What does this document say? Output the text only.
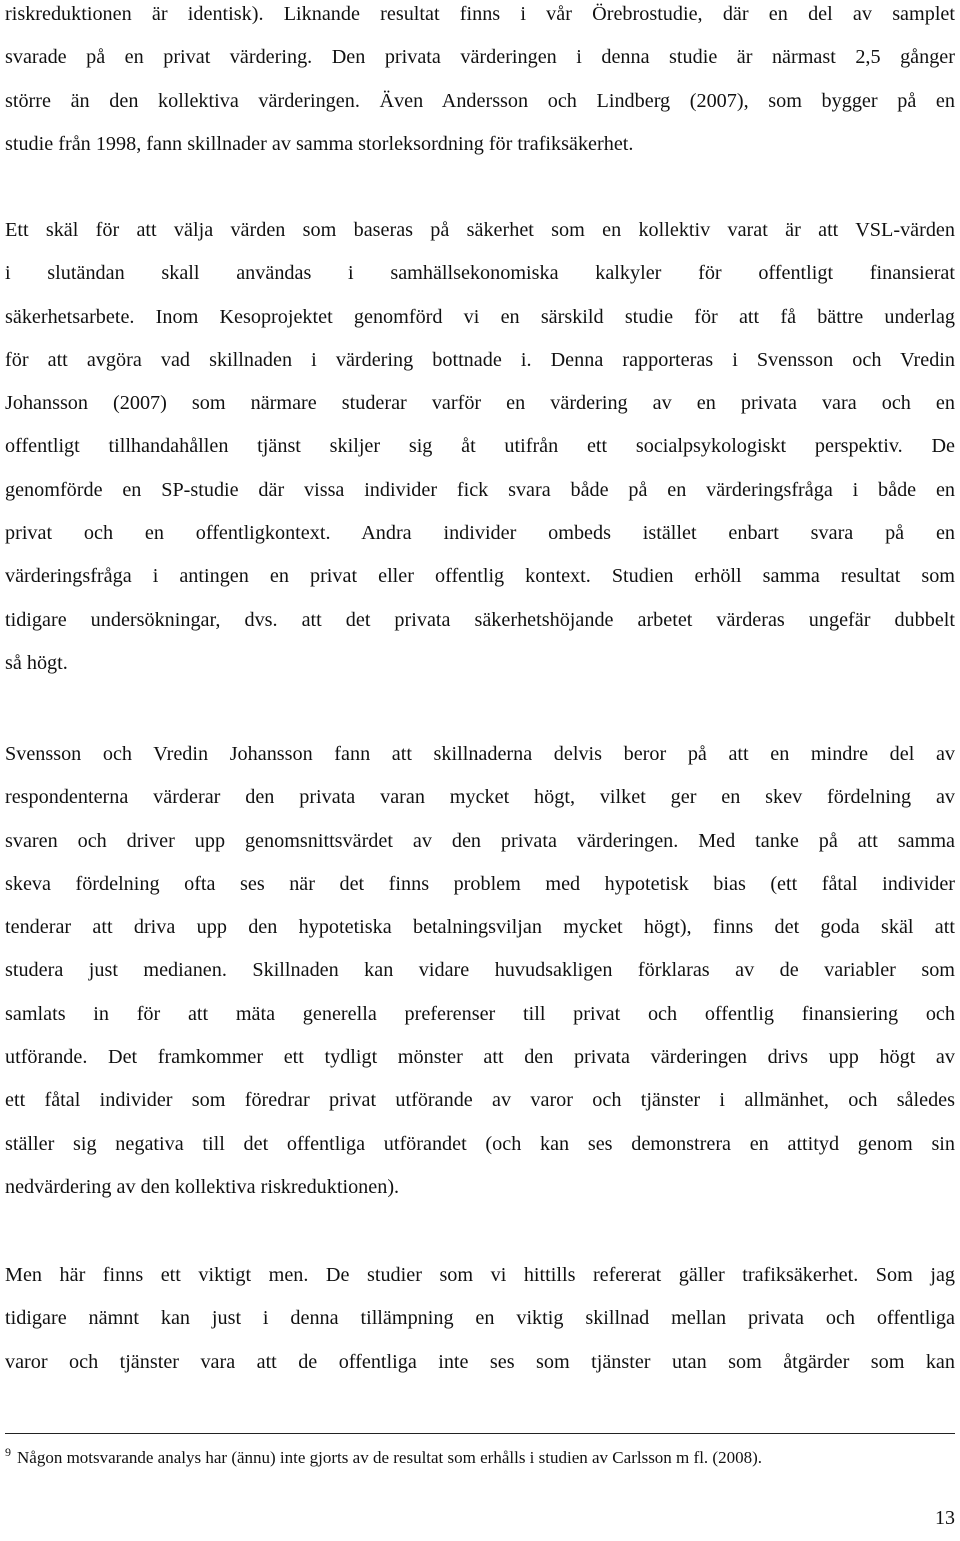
riskreduktionen är identisk). Liknande resultat finns i vår Örebrostudie, där en del av samplet
svarade på en privat värdering. Den privata värderingen i denna studie är närmast 2,5 gånger
större än den kollektiva värderingen. Även Andersson och Lindberg (2007), som bygger på en
studie från 1998, fann skillnader av samma storleksordning för trafiksäkerhet.

Ett skäl för att välja värden som baseras på säkerhet som en kollektiv varat är att VSL-värden
i slutändan skall användas i samhällsekonomiska kalkyler för offentligt finansierat
säkerhetsarbete. Inom Kesoprojektet genomförd vi en särskild studie för att få bättre underlag
för att avgöra vad skillnaden i värdering bottnade i. Denna rapporteras i Svensson och Vredin
Johansson (2007) som närmare studerar varför en värdering av en privata vara och en
offentligt tillhandahållen tjänst skiljer sig åt utifrån ett socialpsykologiskt perspektiv. De
genomförde en SP-studie där vissa individer fick svara både på en värderingsfråga i både en
privat och en offentligkontext. Andra individer ombeds istället enbart svara på en
värderingsfråga i antingen en privat eller offentlig kontext. Studien erhöll samma resultat som
tidigare undersökningar, dvs. att det privata säkerhetshöjande arbetet värderas ungefär dubbelt
så högt.

Svensson och Vredin Johansson fann att skillnaderna delvis beror på att en mindre del av
respondenterna värderar den privata varan mycket högt, vilket ger en skev fördelning av
svaren och driver upp genomsnittsvärdet av den privata värderingen. Med tanke på att samma
skeva fördelning ofta ses när det finns problem med hypotetisk bias (ett fåtal individer
tenderar att driva upp den hypotetiska betalningsviljan mycket högt), finns det goda skäl att
studera just medianen. Skillnaden kan vidare huvudsakligen förklaras av de variabler som
samlats in för att mäta generella preferenser till privat och offentlig finansiering och
utförande. Det framkommer ett tydligt mönster att den privata värderingen drivs upp högt av
ett fåtal individer som föredrar privat utförande av varor och tjänster i allmänhet, och således
ställer sig negativa till det offentliga utförandet (och kan ses demonstrera en attityd genom sin
nedvärdering av den kollektiva riskreduktionen).

Men här finns ett viktigt men. De studier som vi hittills refererat gäller trafiksäkerhet. Som jag
tidigare nämnt kan just i denna tillämpning en viktig skillnad mellan privata och offentliga
varor och tjänster vara att de offentliga inte ses som tjänster utan som åtgärder som kan

$^9$ Någon motsvarande analys har (ännu) inte gjorts av de resultat som erhålls i studien av Carlsson m fl. (2008).
13
